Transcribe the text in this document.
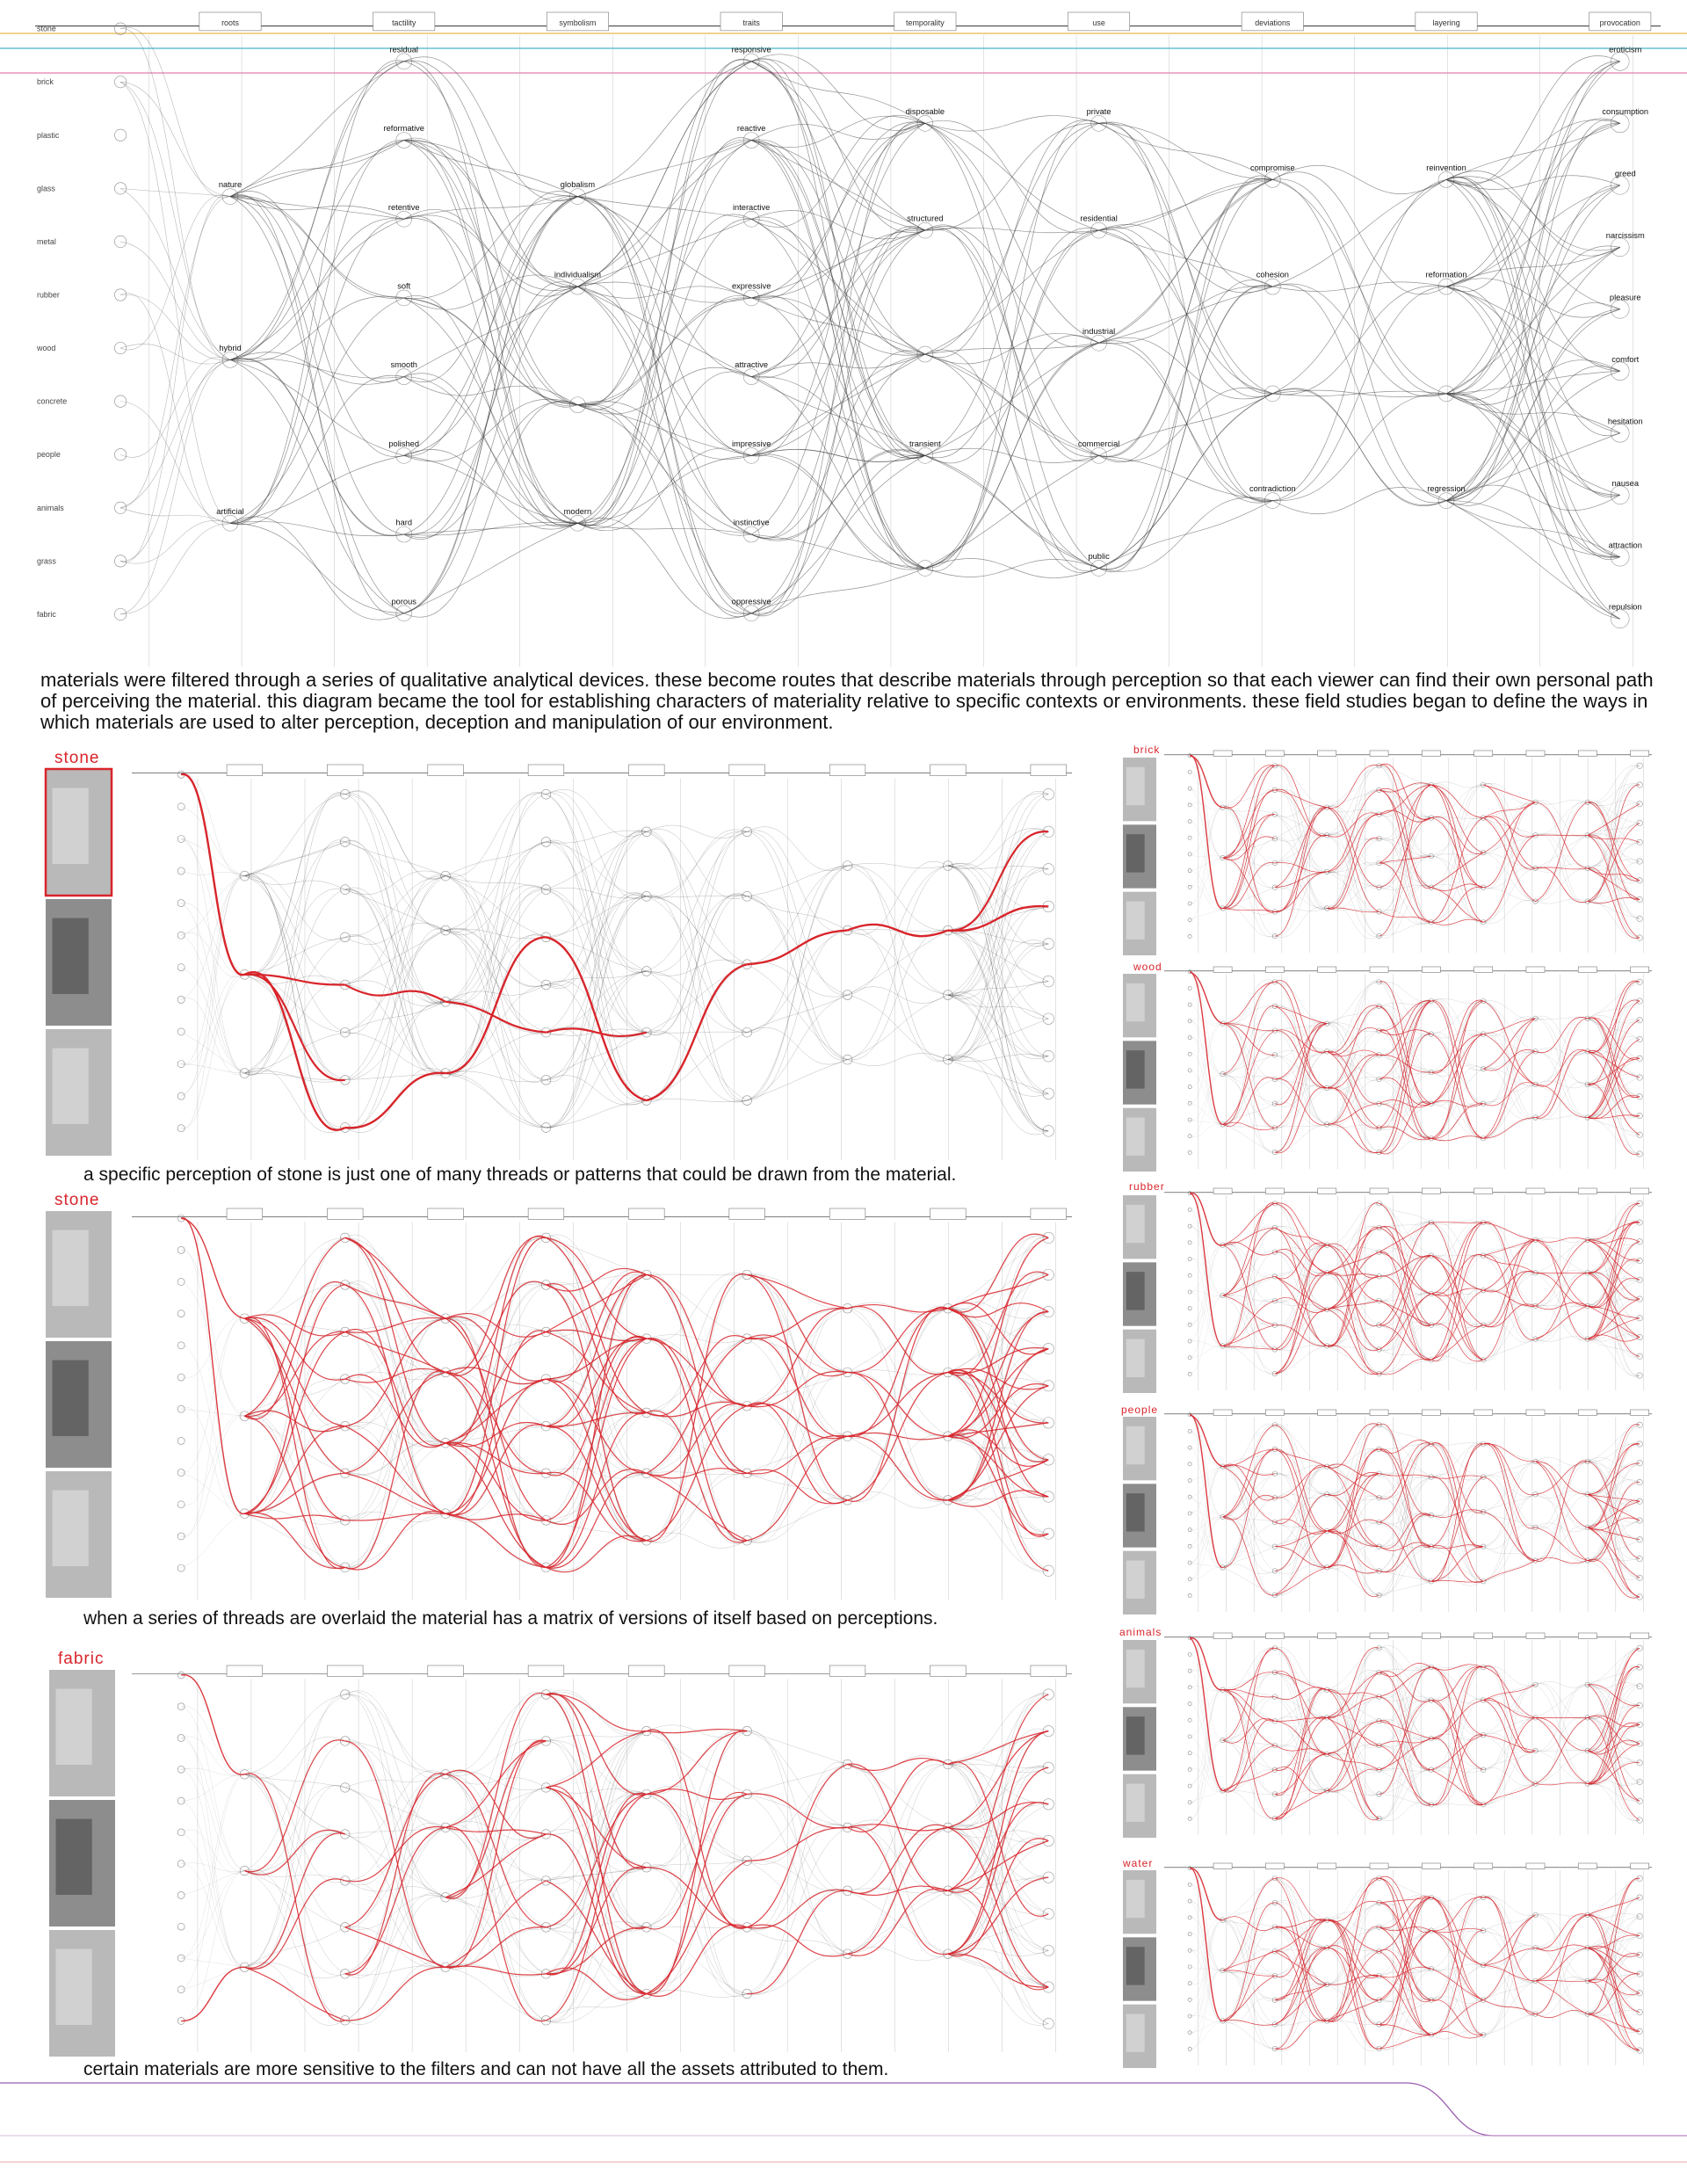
roots	tactility	symbolism	traits	temporality	use	deviations	layering	provocation
stone
brick
plastic
glass
metal
rubber
wood
concrete
people
animals
grass
fabric
nature
hybrid
artificial
residual
reformative
retentive
soft
smooth
polished
hard
porous
globalism
individualism
modern
responsive
reactive
interactive
expressive
attractive
impressive
instinctive
oppressive
disposable
structured
transient
private
residential
industrial
commercial
public
compromise
cohesion
contradiction
reinvention
reformation
regression
eroticism
consumption
greed
narcissism
pleasure
comfort
hesitation
nausea
attraction
repulsion
materials were filtered through a series of qualitative analytical devices. these become routes that describe materials through perception so that each viewer can find their own personal path of perceiving the material. this diagram became the tool for establishing characters of materiality relative to specific contexts or environments. these field studies began to define the ways in which materials are used to alter perception, deception and manipulation of our environment.
a specific perception of stone is just one of many threads or patterns that could be drawn from the material.
when a series of threads are overlaid the material has a matrix of versions of itself based on perceptions.
certain materials are more sensitive to the filters and can not have all the assets attributed to them.
stone
stone
fabric
brick
wood
rubber
people
animals
water
